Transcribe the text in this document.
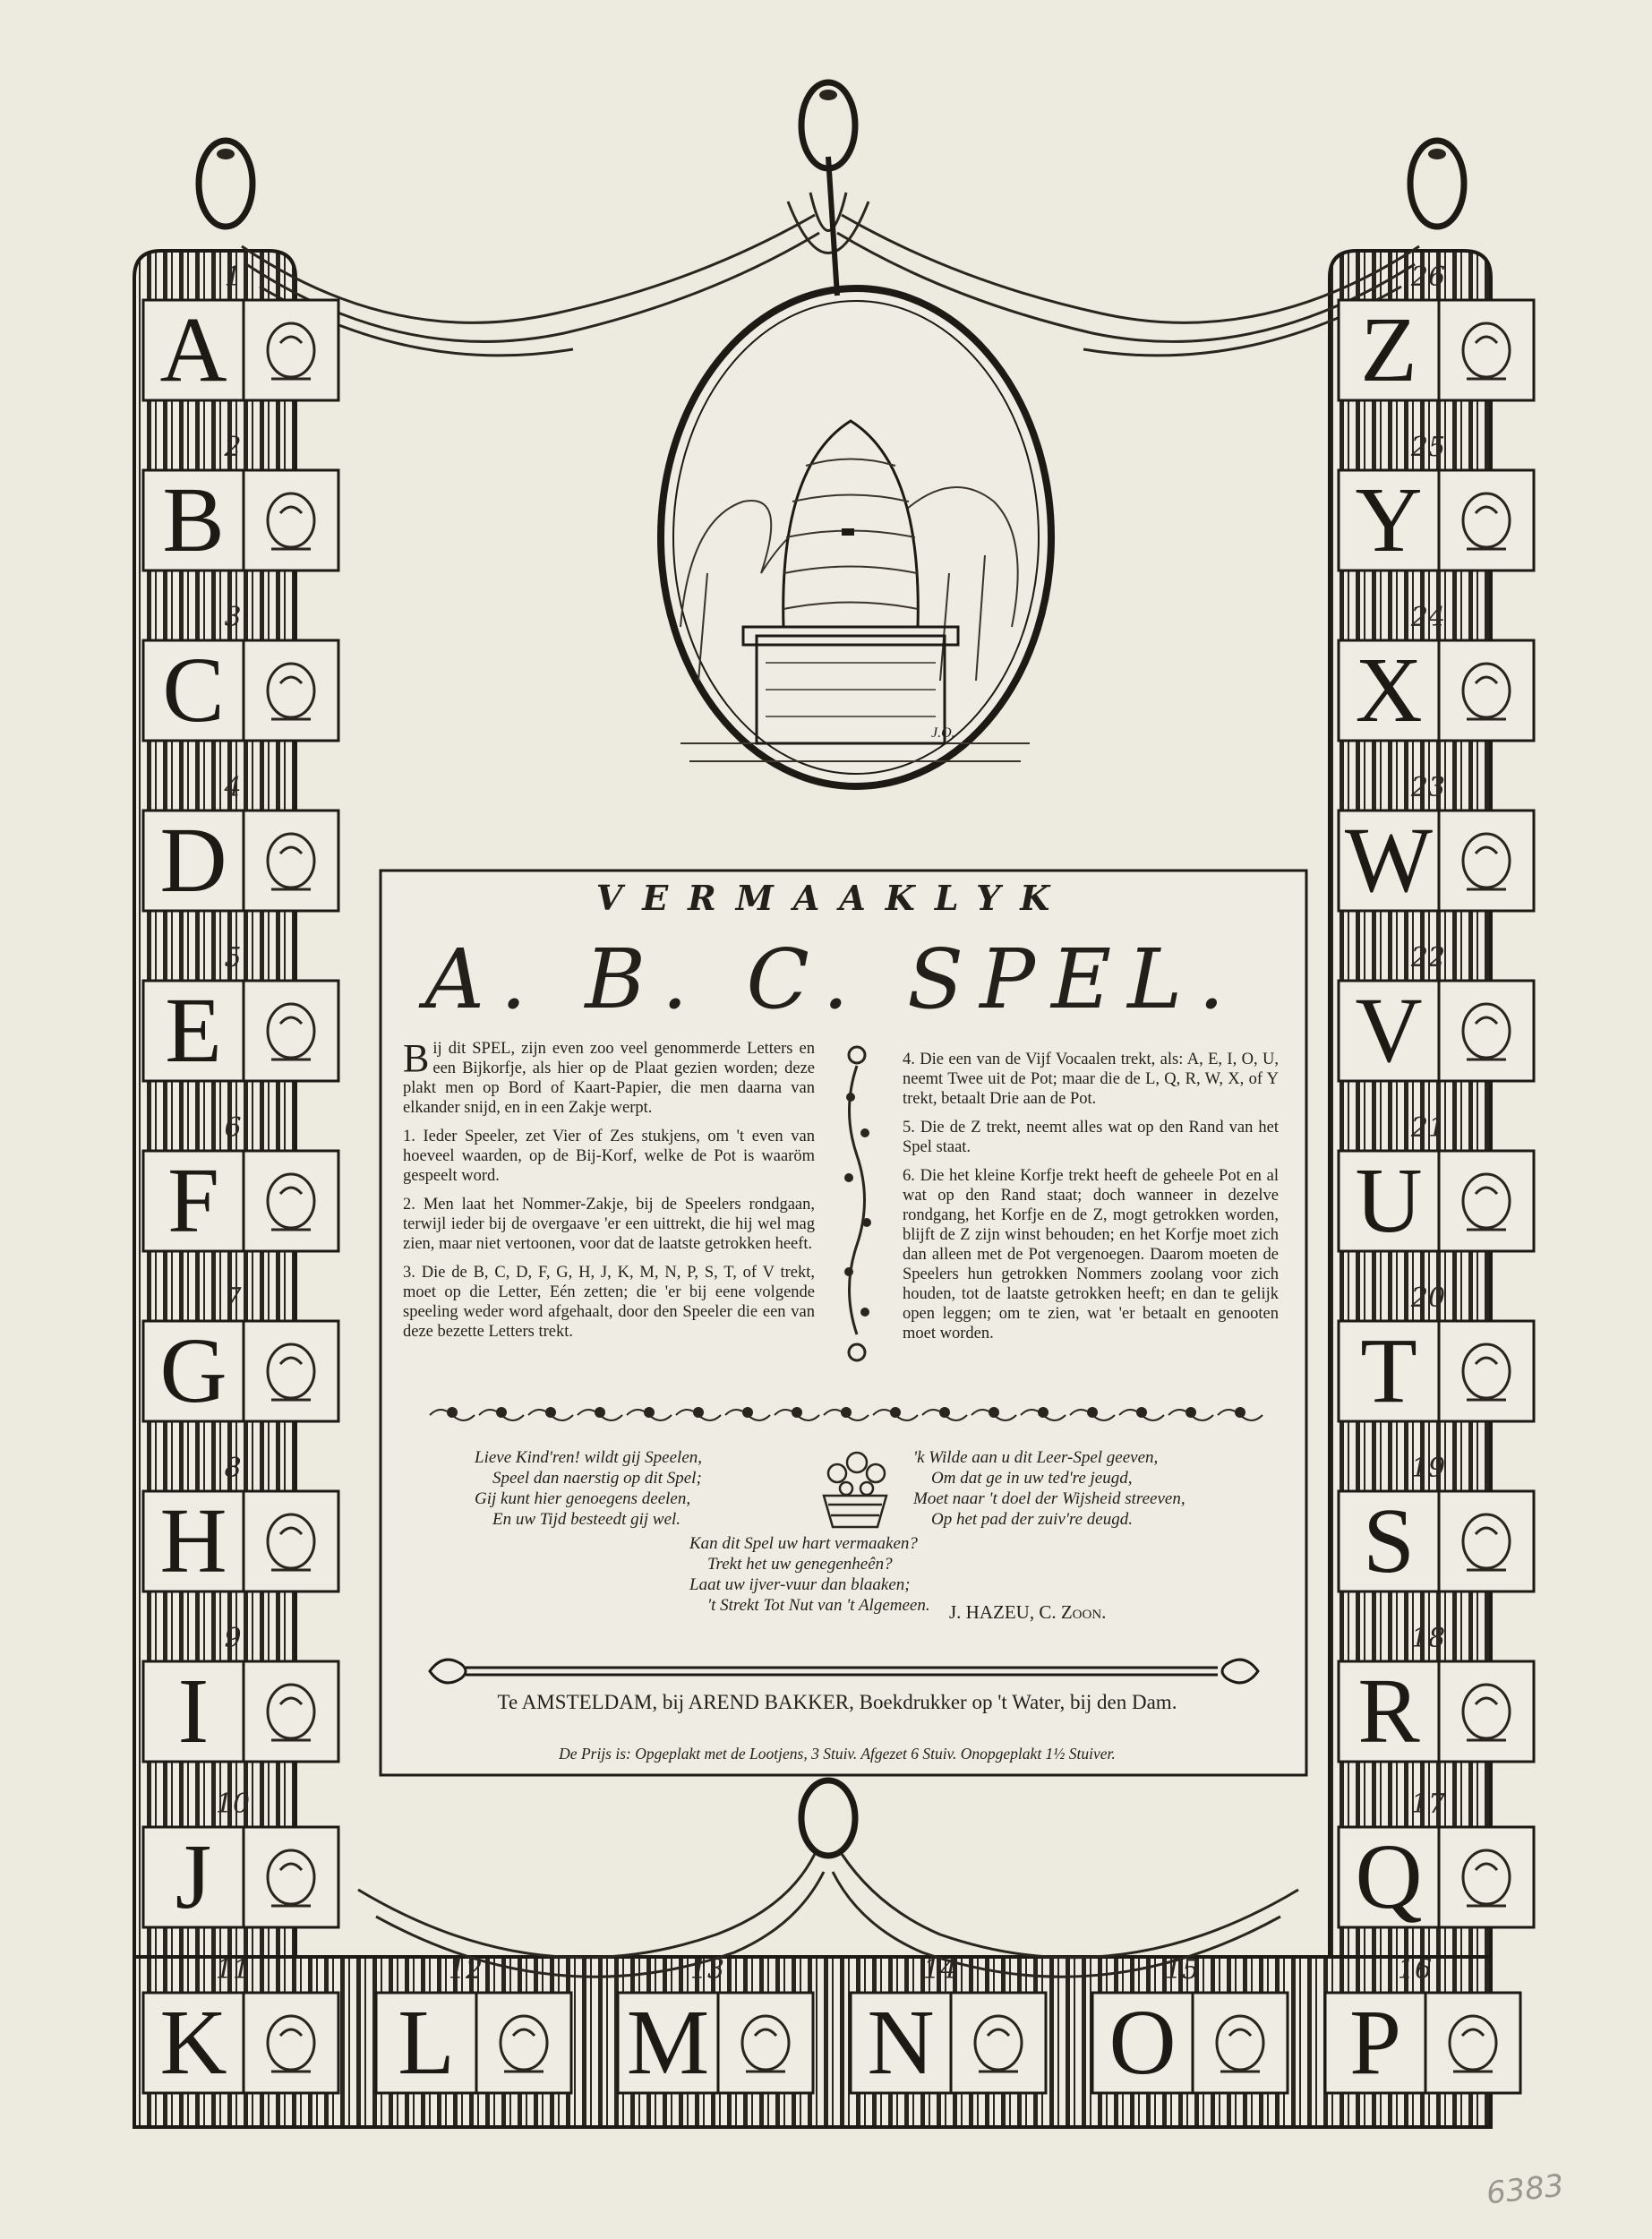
J.O.
A
1
B
2
C
3
D
4
E
5
F
6
G
7
H
8
I
9
J
10
K
11
L
12
M
13
N
14
O
15
P
16
Q
17
R
18
S
19
T
20
U
21
V
22
W
23
X
24
Y
25
Z
26
VERMAAKLYK
A. B. C. SPEL.

Bij dit SPEL, zijn even zoo veel genommerde Letters en een Bijkorfje, als hier op de Plaat gezien worden; deze plakt men op Bord of Kaart-Papier, die men daarna van elkander snijd, en in een Zakje werpt.

1. Ieder Speeler, zet Vier of Zes stukjens, om 't even van hoeveel waarden, op de Bij-Korf, welke de Pot is waaröm gespeelt word.

2. Men laat het Nommer-Zakje, bij de Speelers rondgaan, terwijl ieder bij de overgaave 'er een uittrekt, die hij wel mag zien, maar niet vertoonen, voor dat de laatste getrokken heeft.

3. Die de B, C, D, F, G, H, J, K, M, N, P, S, T, of V trekt, moet op die Letter, Eén zetten; die 'er bij eene volgende speeling weder word afgehaalt, door den Speeler die een van deze bezette Letters trekt.

4. Die een van de Vijf Vocaalen trekt, als: A, E, I, O, U, neemt Twee uit de Pot; maar die de L, Q, R, W, X, of Y trekt, betaalt Drie aan de Pot.

5. Die de Z trekt, neemt alles wat op den Rand van het Spel staat.

6. Die het kleine Korfje trekt heeft de geheele Pot en al wat op den Rand staat; doch wanneer in dezelve rondgang, het Korfje en de Z, mogt getrokken worden, blijft de Z zijn winst behouden; en het Korfje moet zich dan alleen met de Pot vergenoegen. Daarom moeten de Speelers hun getrokken Nommers zoolang voor zich houden, tot de laatste getrokken heeft; en dan te gelijk open leggen; om te zien, wat 'er betaalt en genooten moet worden.

Lieve Kind'ren! wildt gij Speelen,
Speel dan naerstig op dit Spel;
Gij kunt hier genoegens deelen,
En uw Tijd besteedt gij wel.
'k Wilde aan u dit Leer-Spel geeven,
Om dat ge in uw ted're jeugd,
Moet naar 't doel der Wijsheid streeven,
Op het pad der zuiv're deugd.
Kan dit Spel uw hart vermaaken?
Trekt het uw genegenheên?
Laat uw ijver-vuur dan blaaken;
't Strekt Tot Nut van 't Algemeen. J. HAZEU, C. Zoon.
Te AMSTELDAM, bij AREND BAKKER, Boekdrukker op 't Water, bij den Dam.
De Prijs is: Opgeplakt met de Lootjens, 3 Stuiv. Afgezet 6 Stuiv. Onopgeplakt 1½ Stuiver.
6383
